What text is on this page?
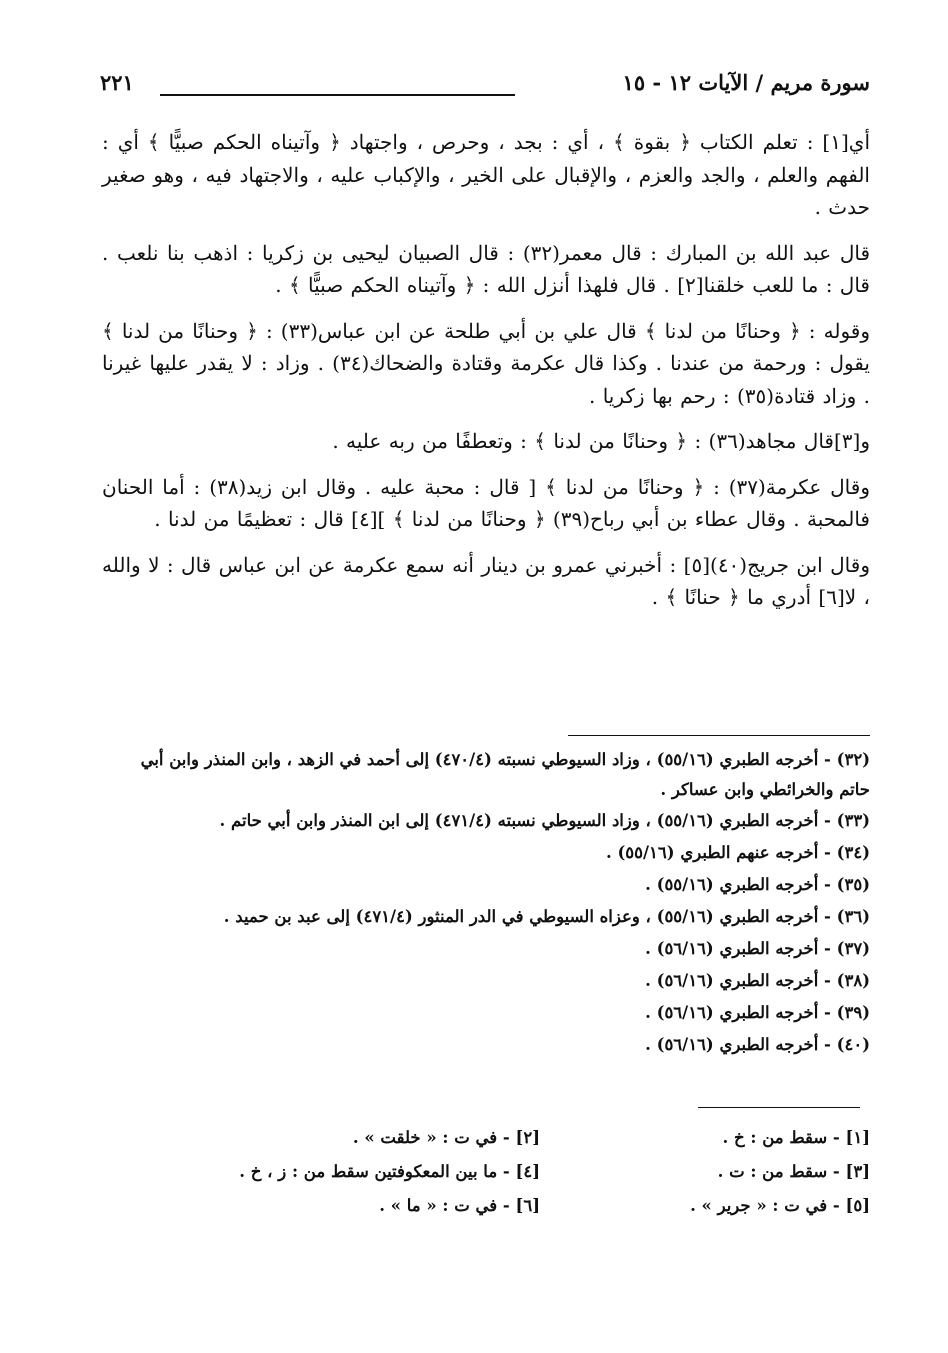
سورة مريم / الآيات ١٢ - ١٥
٢٢١

أي[١] : تعلم الكتاب ﴿ بقوة ﴾ ، أي : بجد ، وحرص ، واجتهاد ﴿ وآتيناه الحكم صبيًّا ﴾ أي : الفهم والعلم ، والجد والعزم ، والإقبال على الخير ، والإكباب عليه ، والاجتهاد فيه ، وهو صغير حدث .

قال عبد الله بن المبارك : قال معمر(٣٢) : قال الصبيان ليحيى بن زكريا : اذهب بنا نلعب . قال : ما للعب خلقنا[٢] . قال فلهذا أنزل الله : ﴿ وآتيناه الحكم صبيًّا ﴾ .

وقوله : ﴿ وحنانًا من لدنا ﴾ قال علي بن أبي طلحة عن ابن عباس(٣٣) : ﴿ وحنانًا من لدنا ﴾ يقول : ورحمة من عندنا . وكذا قال عكرمة وقتادة والضحاك(٣٤) . وزاد : لا يقدر عليها غيرنا . وزاد قتادة(٣٥) : رحم بها زكريا .

و[٣]قال مجاهد(٣٦) : ﴿ وحنانًا من لدنا ﴾ : وتعطفًا من ربه عليه .

وقال عكرمة(٣٧) : ﴿ وحنانًا من لدنا ﴾ [ قال : محبة عليه . وقال ابن زيد(٣٨) : أما الحنان فالمحبة . وقال عطاء بن أبي رباح(٣٩) ﴿ وحنانًا من لدنا ﴾ ][٤] قال : تعظيمًا من لدنا .

وقال ابن جريج(٤٠)[٥] : أخبرني عمرو بن دينار أنه سمع عكرمة عن ابن عباس قال : لا والله ، لا[٦] أدري ما ﴿ حنانًا ﴾ .

(٣٢) - أخرجه الطبري (٥٥/١٦) ، وزاد السيوطي نسبته (٤٧٠/٤) إلى أحمد في الزهد ، وابن المنذر وابن أبي حاتم والخرائطي وابن عساكر .

(٣٣) - أخرجه الطبري (٥٥/١٦) ، وزاد السيوطي نسبته (٤٧١/٤) إلى ابن المنذر وابن أبي حاتم .

(٣٤) - أخرجه عنهم الطبري (٥٥/١٦) .

(٣٥) - أخرجه الطبري (٥٥/١٦) .

(٣٦) - أخرجه الطبري (٥٥/١٦) ، وعزاه السيوطي في الدر المنثور (٤٧١/٤) إلى عبد بن حميد .

(٣٧) - أخرجه الطبري (٥٦/١٦) .

(٣٨) - أخرجه الطبري (٥٦/١٦) .

(٣٩) - أخرجه الطبري (٥٦/١٦) .

(٤٠) - أخرجه الطبري (٥٦/١٦) .

[١] - سقط من : خ .
[٢] - في ت : « خلقت » .
[٣] - سقط من : ت .
[٤] - ما بين المعكوفتين سقط من : ز ، خ .
[٥] - في ت : « جرير » .
[٦] - في ت : « ما » .
